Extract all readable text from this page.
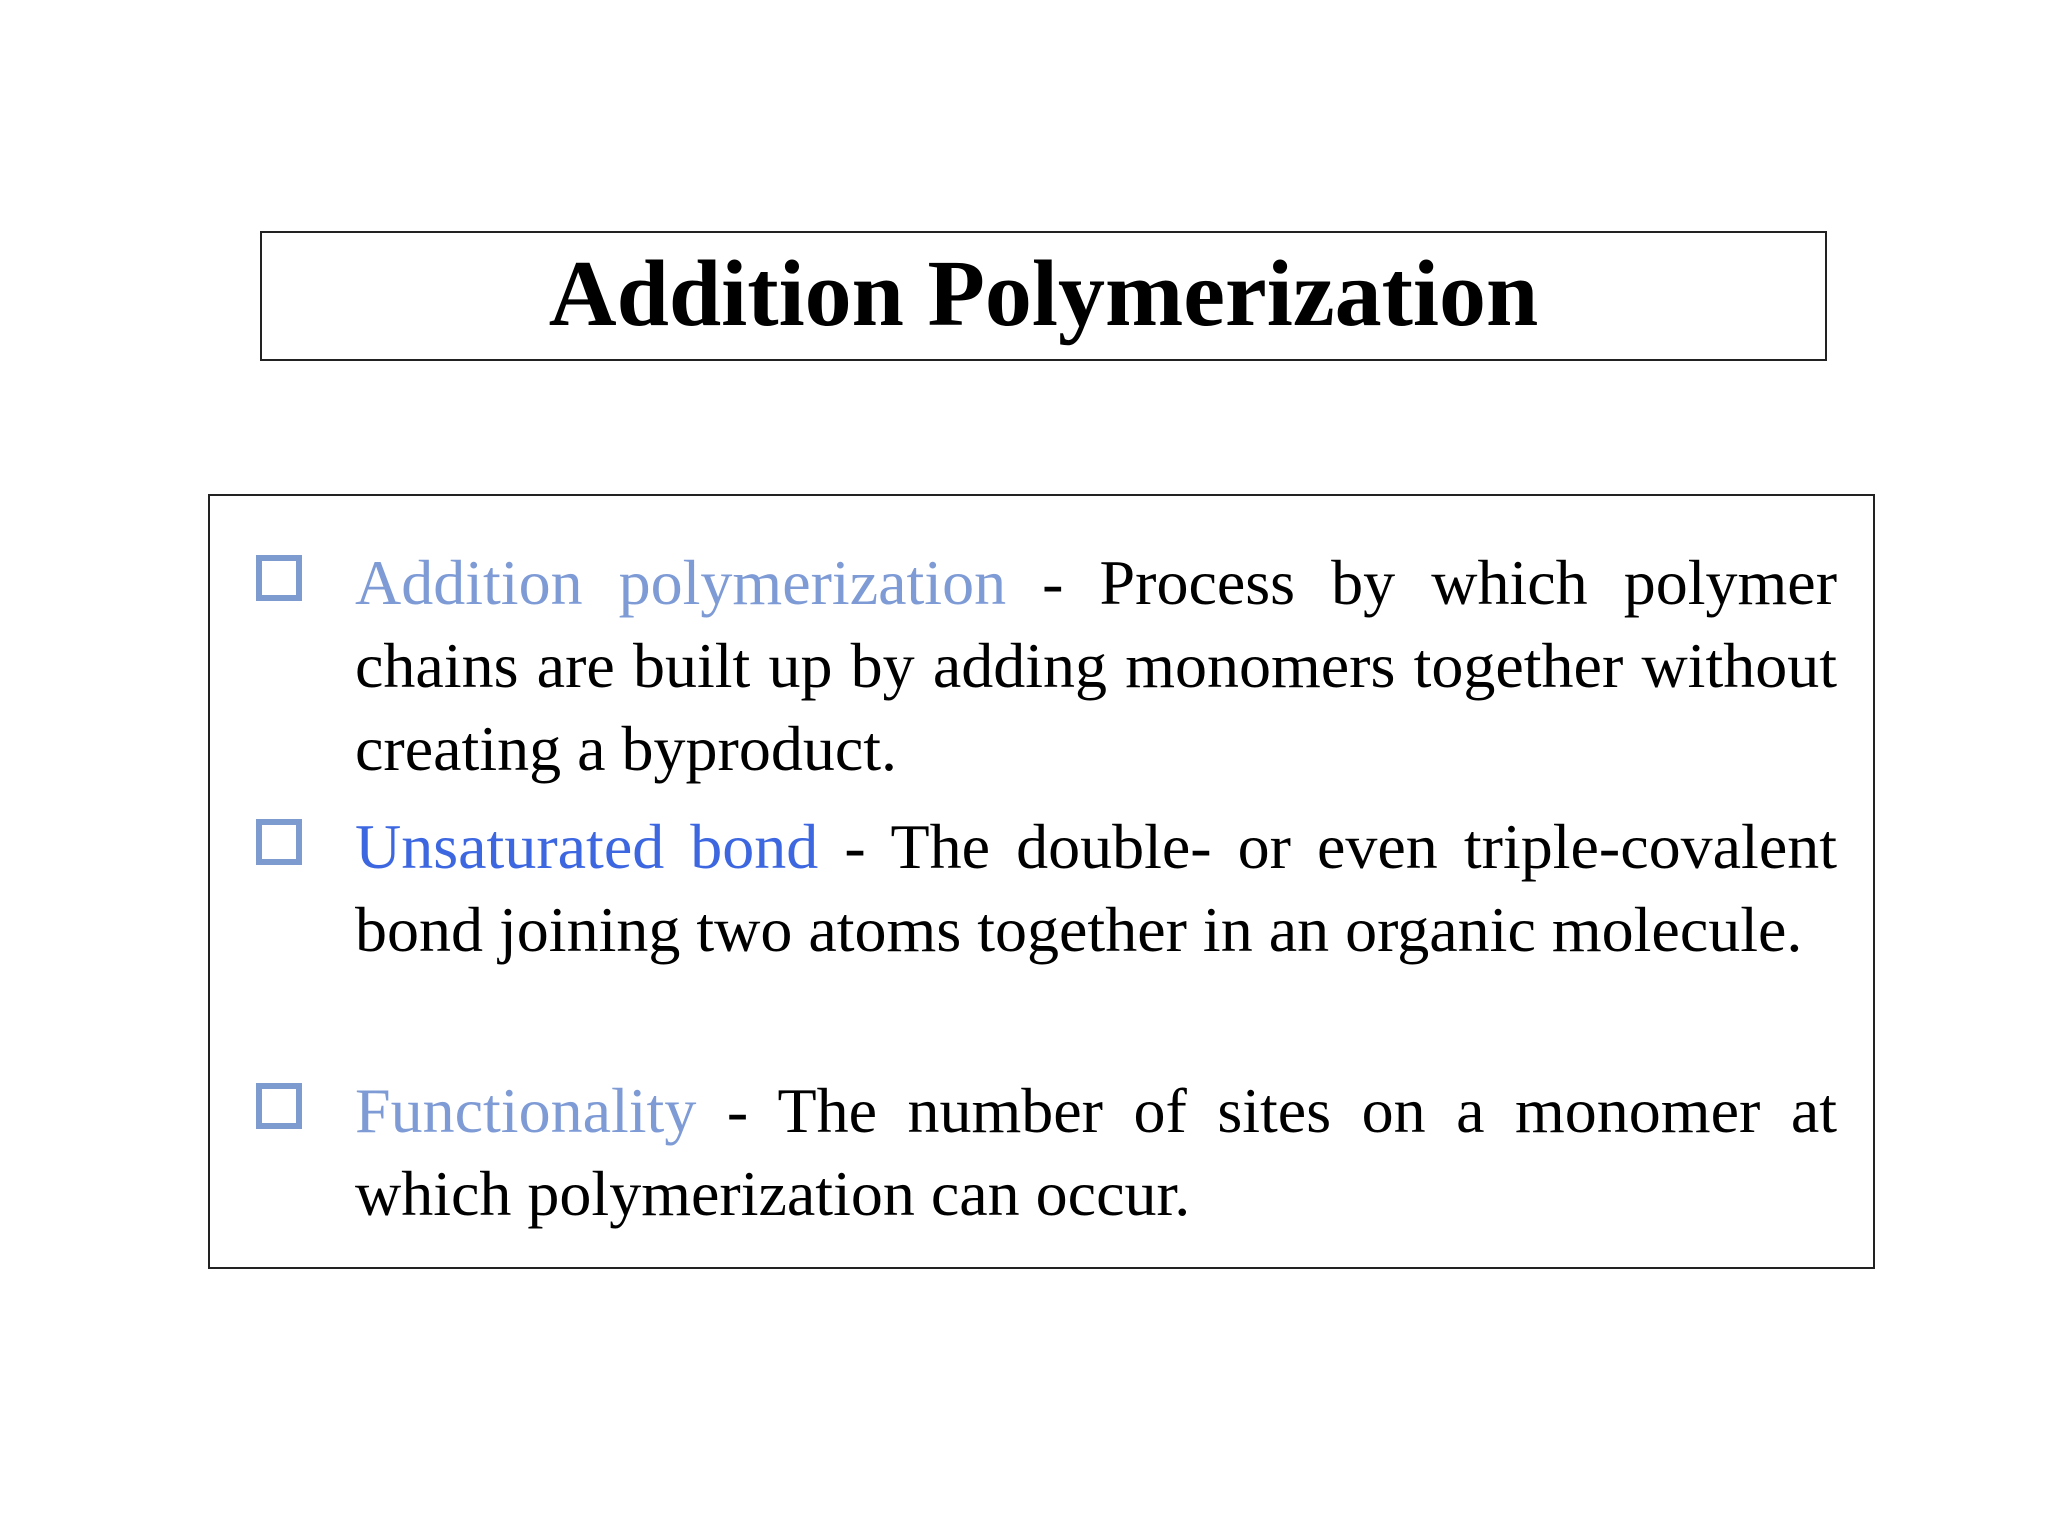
Addition Polymerization
Addition polymerization - Process by which polymer chains are built up by adding monomers together without creating a byproduct.
Unsaturated bond - The double- or even triple-covalent bond joining two atoms together in an organic molecule.
Functionality - The number of sites on a monomer at which polymerization can occur.
